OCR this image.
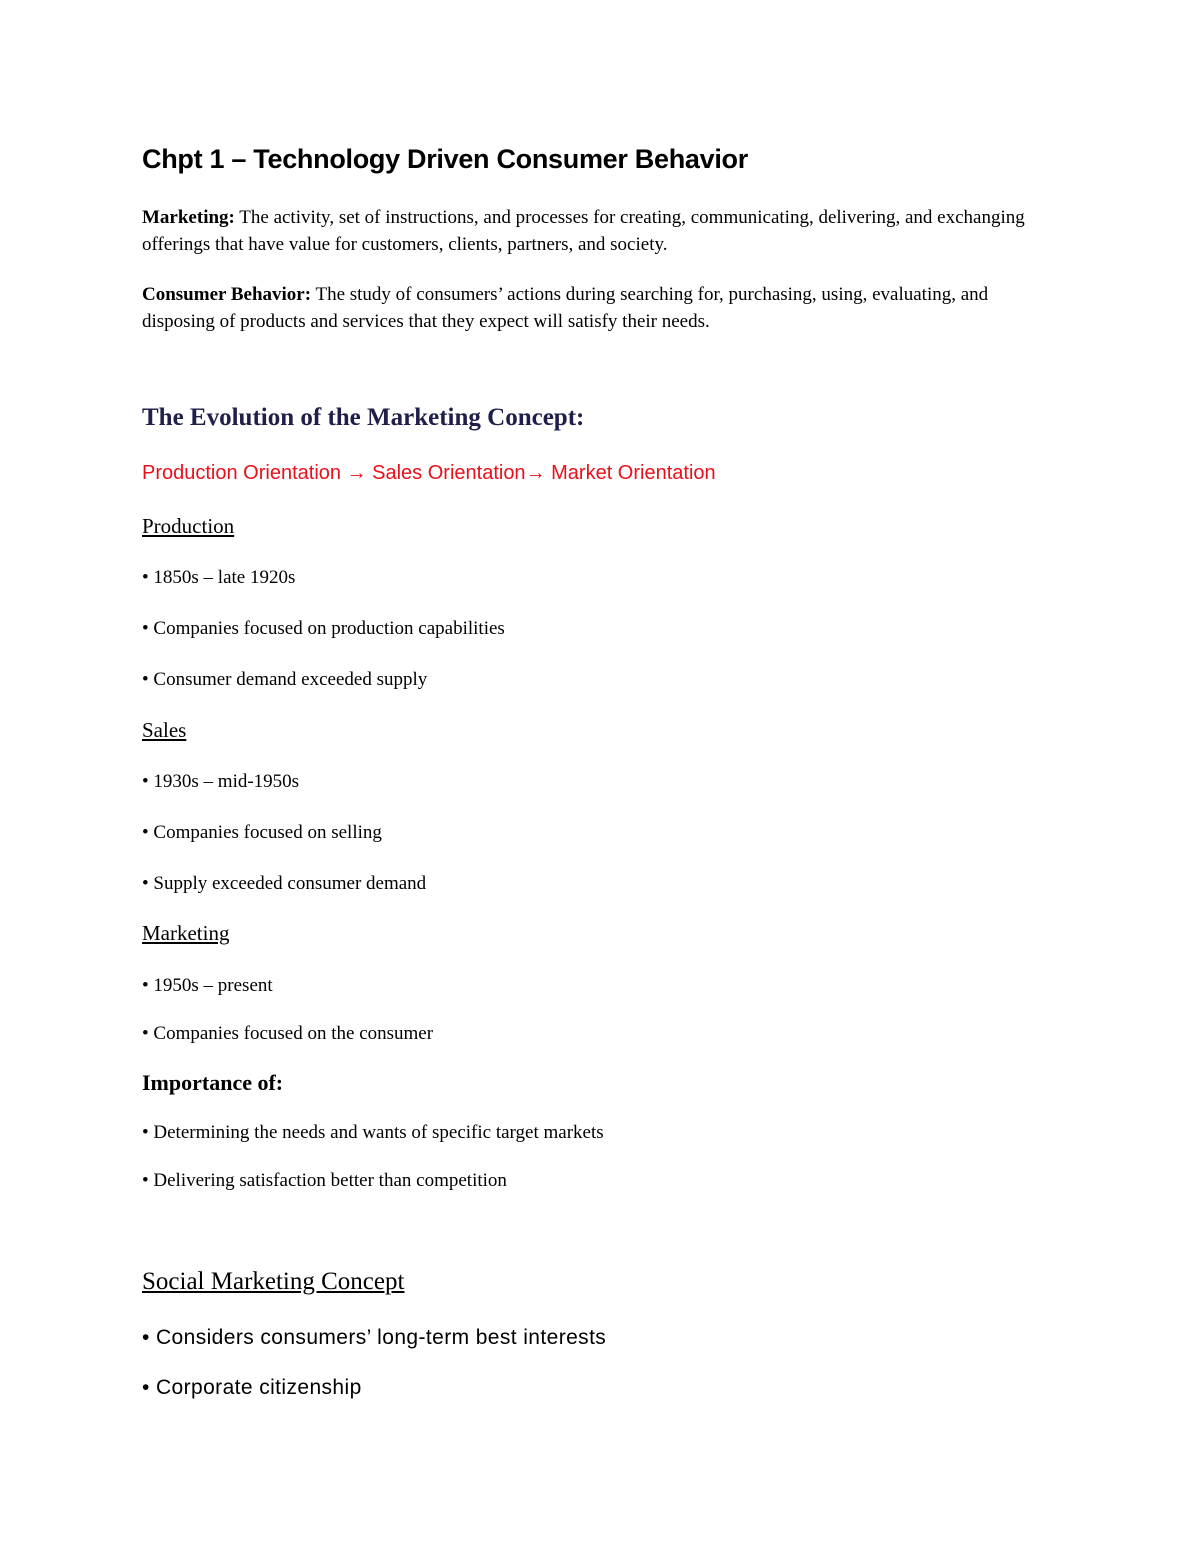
Chpt 1 – Technology Driven Consumer Behavior
Marketing: The activity, set of instructions, and processes for creating, communicating, delivering, and exchanging offerings that have value for customers, clients, partners, and society.
Consumer Behavior: The study of consumers’ actions during searching for, purchasing, using, evaluating, and disposing of products and services that they expect will satisfy their needs.
The Evolution of the Marketing Concept:
Production Orientation → Sales Orientation→ Market Orientation
Production
• 1850s – late 1920s
• Companies focused on production capabilities
• Consumer demand exceeded supply
Sales
• 1930s – mid-1950s
• Companies focused on selling
• Supply exceeded consumer demand
Marketing
• 1950s – present
• Companies focused on the consumer
Importance of:
• Determining the needs and wants of specific target markets
• Delivering satisfaction better than competition
Social Marketing Concept
• Considers consumers’ long-term best interests
• Corporate citizenship
